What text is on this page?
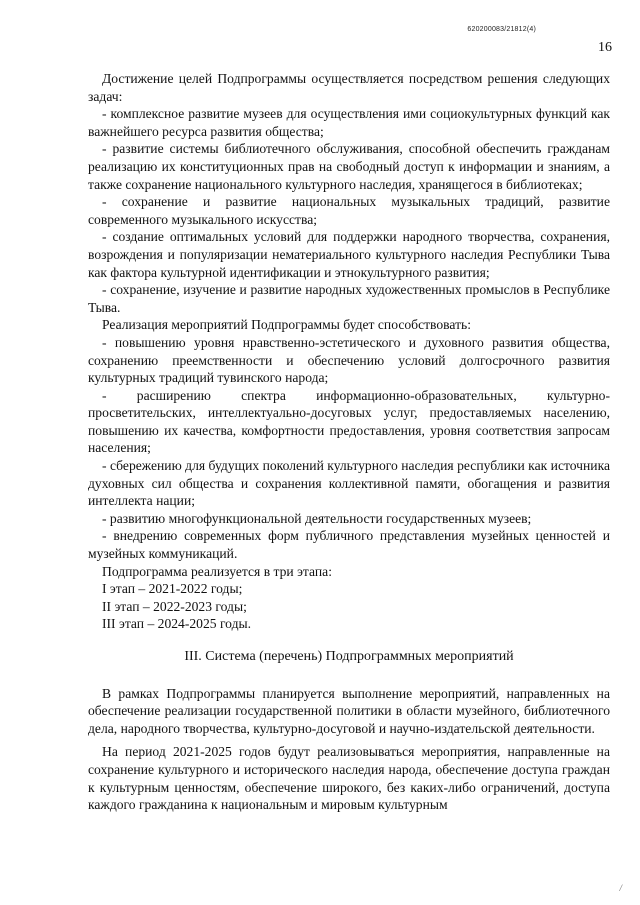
620200083/21812(4)
16

Достижение целей Подпрограммы осуществляется посредством решения следующих задач:

- комплексное развитие музеев для осуществления ими социокультурных функций как важнейшего ресурса развития общества;

- развитие системы библиотечного обслуживания, способной обеспечить гражданам реализацию их конституционных прав на свободный доступ к информации и знаниям, а также сохранение национального культурного наследия, хранящегося в библиотеках;

- сохранение и развитие национальных музыкальных традиций, развитие современного музыкального искусства;

- создание оптимальных условий для поддержки народного творчества, сохранения, возрождения и популяризации нематериального культурного наследия Республики Тыва как фактора культурной идентификации и этнокультурного развития;

- сохранение, изучение и развитие народных художественных промыслов в Республике Тыва.

Реализация мероприятий Подпрограммы будет способствовать:

- повышению уровня нравственно-эстетического и духовного развития общества, сохранению преемственности и обеспечению условий долгосрочного развития культурных традиций тувинского народа;

- расширению спектра информационно-образовательных, культурно-просветительских, интеллектуально-досуговых услуг, предоставляемых населению, повышению их качества, комфортности предоставления, уровня соответствия запросам населения;

- сбережению для будущих поколений культурного наследия республики как источника духовных сил общества и сохранения коллективной памяти, обогащения и развития интеллекта нации;

- развитию многофункциональной деятельности государственных музеев;

- внедрению современных форм публичного представления музейных ценностей и музейных коммуникаций.

Подпрограмма реализуется в три этапа:

I этап – 2021-2022 годы;

II этап – 2022-2023 годы;

III этап – 2024-2025 годы.

III. Система (перечень) Подпрограммных мероприятий

В рамках Подпрограммы планируется выполнение мероприятий, направленных на обеспечение реализации государственной политики в области музейного, библиотечного дела, народного творчества, культурно-досуговой и научно-издательской деятельности.

На период 2021-2025 годов будут реализовываться мероприятия, направленные на сохранение культурного и исторического наследия народа, обеспечение доступа граждан к культурным ценностям, обеспечение широкого, без каких-либо ограничений, доступа каждого гражданина к национальным и мировым культурным

/
